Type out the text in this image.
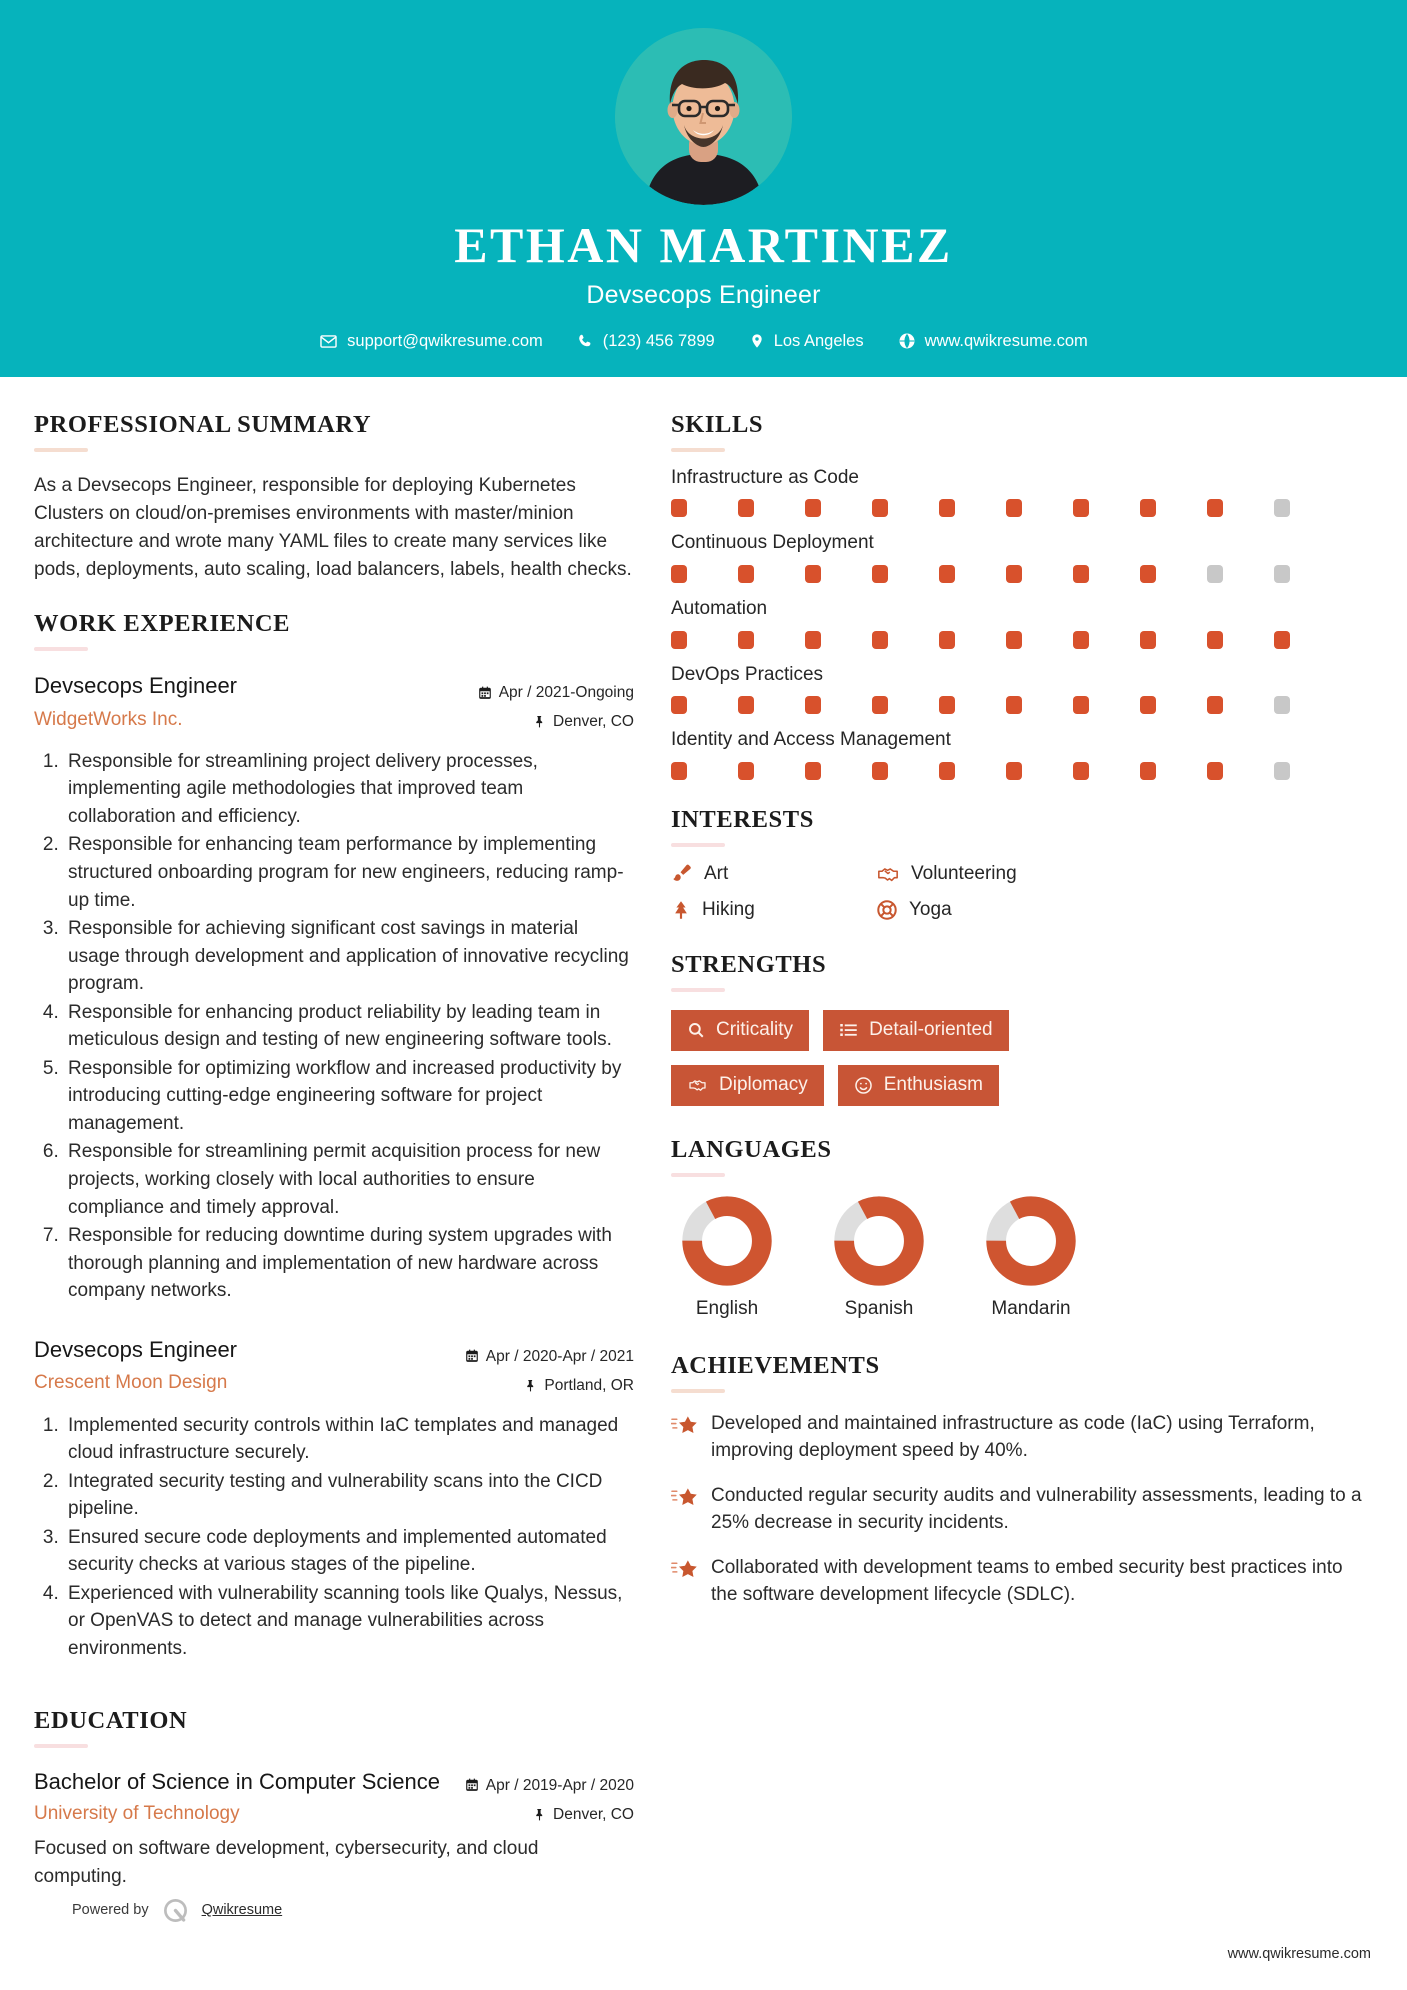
ETHAN MARTINEZ
Devsecops Engineer
support@qwikresume.com	(123) 456 7899	Los Angeles	www.qwikresume.com
PROFESSIONAL SUMMARY
As a Devsecops Engineer, responsible for deploying Kubernetes Clusters on cloud/on-premises environments with master/minion architecture and wrote many YAML files to create many services like pods, deployments, auto scaling, load balancers, labels, health checks.
WORK EXPERIENCE
Devsecops Engineer
WidgetWorks Inc.
Apr / 2021-Ongoing
Denver, CO
1. Responsible for streamlining project delivery processes, implementing agile methodologies that improved team collaboration and efficiency.
2. Responsible for enhancing team performance by implementing structured onboarding program for new engineers, reducing ramp-up time.
3. Responsible for achieving significant cost savings in material usage through development and application of innovative recycling program.
4. Responsible for enhancing product reliability by leading team in meticulous design and testing of new engineering software tools.
5. Responsible for optimizing workflow and increased productivity by introducing cutting-edge engineering software for project management.
6. Responsible for streamlining permit acquisition process for new projects, working closely with local authorities to ensure compliance and timely approval.
7. Responsible for reducing downtime during system upgrades with thorough planning and implementation of new hardware across company networks.
Devsecops Engineer
Crescent Moon Design
Apr / 2020-Apr / 2021
Portland, OR
1. Implemented security controls within IaC templates and managed cloud infrastructure securely.
2. Integrated security testing and vulnerability scans into the CICD pipeline.
3. Ensured secure code deployments and implemented automated security checks at various stages of the pipeline.
4. Experienced with vulnerability scanning tools like Qualys, Nessus, or OpenVAS to detect and manage vulnerabilities across environments.
EDUCATION
Bachelor of Science in Computer Science
University of Technology
Apr / 2019-Apr / 2020
Denver, CO
Focused on software development, cybersecurity, and cloud computing.
Powered by	Qwikresume
SKILLS
Infrastructure as Code
Continuous Deployment
Automation
DevOps Practices
Identity and Access Management
INTERESTS
Art	Volunteering
Hiking	Yoga
STRENGTHS
Criticality	Detail-oriented
Diplomacy	Enthusiasm
LANGUAGES
English	Spanish	Mandarin
ACHIEVEMENTS
Developed and maintained infrastructure as code (IaC) using Terraform, improving deployment speed by 40%.
Conducted regular security audits and vulnerability assessments, leading to a 25% decrease in security incidents.
Collaborated with development teams to embed security best practices into the software development lifecycle (SDLC).
www.qwikresume.com
